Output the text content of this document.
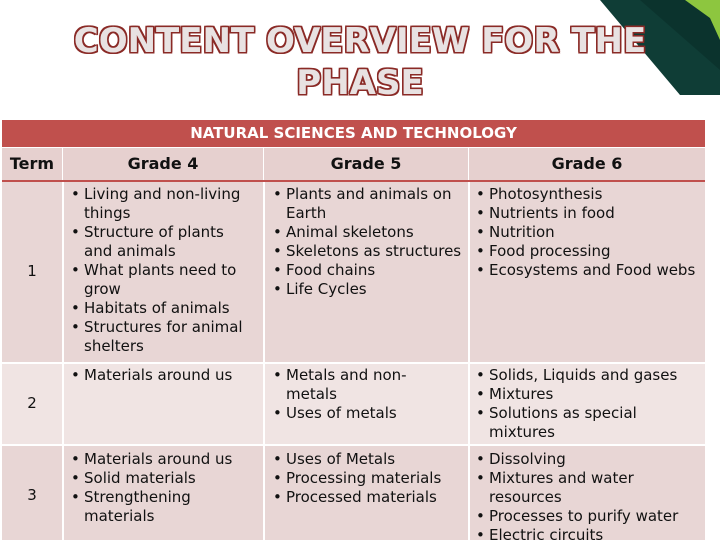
CONTENT OVERVIEW FOR THE
PHASE
NATURAL SCIENCES AND TECHNOLOGY
Term	Grade 4	Grade 5	Grade 6
1
• Living and non-living things
• Structure of plants and animals
• What plants need to grow
• Habitats of animals
• Structures for animal shelters
• Plants and animals on Earth
• Animal skeletons
• Skeletons as structures
• Food chains
• Life Cycles
• Photosynthesis
• Nutrients in food
• Nutrition
• Food processing
• Ecosystems and Food webs
2
• Materials around us
•	Metals and non-metals
• Uses of metals
• Solids, Liquids and gases
• Mixtures
• Solutions as special mixtures
3
• Materials around us
• Solid materials
• Strengthening materials
• Uses of Metals
• Processing materials
• Processed materials
• Dissolving
• Mixtures and water resources
• Processes to purify water
• Electric circuits
